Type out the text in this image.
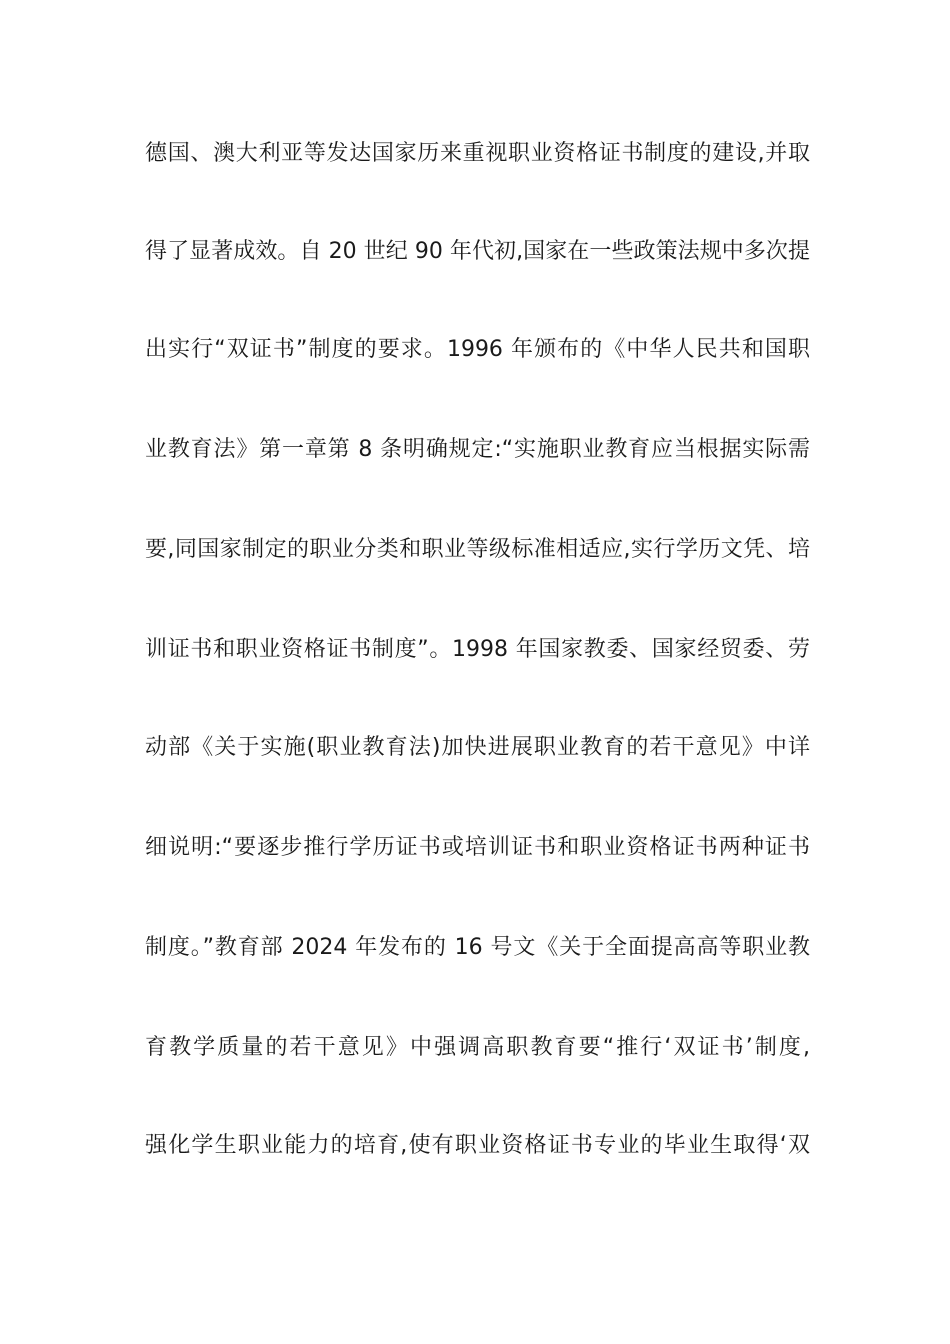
德国、澳大利亚等发达国家历来重视职业资格证书制度的建设,并取
得了显著成效。自 20 世纪 90 年代初,国家在一些政策法规中多次提
出实行“双证书”制度的要求。1996 年颁布的《中华人民共和国职
业教育法》第一章第 8 条明确规定:“实施职业教育应当根据实际需
要,同国家制定的职业分类和职业等级标准相适应,实行学历文凭、培
训证书和职业资格证书制度”。1998 年国家教委、国家经贸委、劳
动部《关于实施(职业教育法)加快进展职业教育的若干意见》中详
细说明:“要逐步推行学历证书或培训证书和职业资格证书两种证书
制度。”教育部 2024 年发布的 16 号文《关于全面提高高等职业教
育教学质量的若干意见》中强调高职教育要“推行‘双证书’制度,
强化学生职业能力的培育,使有职业资格证书专业的毕业生取得‘双
